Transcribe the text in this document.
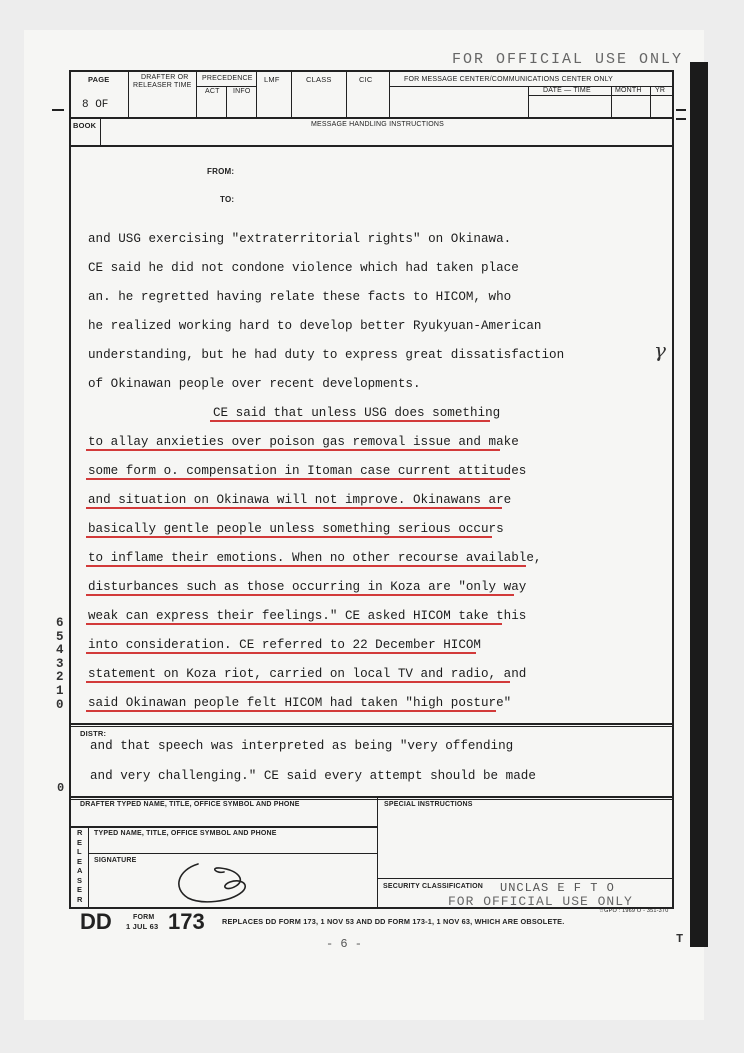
FOR OFFICIAL USE ONLY
PAGE
8 OF
DRAFTER OR
RELEASER TIME
PRECEDENCE
ACT INFO
LMF	CLASS	CIC	FOR MESSAGE CENTER/COMMUNICATIONS CENTER ONLY
DATE — TIME	MONTH YR
BOOK	MESSAGE HANDLING INSTRUCTIONS
FROM:
TO:
and USG exercising "extraterritorial rights" on Okinawa.
CE said he did not condone violence which had taken place
an. he regretted having relate these facts to HICOM, who
he realized working hard to develop better Ryukyuan-American
understanding, but he had duty to express great dissatisfaction
of Okinawan people over recent developments.
CE said that unless USG does something
to allay anxieties over poison gas removal issue and make
some form o. compensation in Itoman case current attitudes
and situation on Okinawa will not improve. Okinawans are
basically gentle people unless something serious occurs
to inflame their emotions. When no other recourse available,
disturbances such as those occurring in Koza are "only way
weak can express their feelings." CE asked HICOM take this
into consideration. CE referred to 22 December HICOM
statement on Koza riot, carried on local TV and radio, and
said Okinawan people felt HICOM had taken "high posture"
γ
6
5
4
3
2
1
0
0
DISTR:
and that speech was interpreted as being "very offending
and very challenging." CE said every attempt should be made
DRAFTER TYPED NAME, TITLE, OFFICE SYMBOL AND PHONE	SPECIAL INSTRUCTIONS
TYPED NAME, TITLE, OFFICE SYMBOL AND PHONE
SIGNATURE
SECURITY CLASSIFICATION UNCLAS E F T O
FOR OFFICIAL USE ONLY
R
E
L
E
A
S
E
R
DD	FORM
1 JUL 63 173 REPLACES DD FORM 173, 1 NOV 53 AND DD FORM 173-1, 1 NOV 63, WHICH ARE OBSOLETE.
☆GPO : 1969 O - 351-370
- 6 -	T
